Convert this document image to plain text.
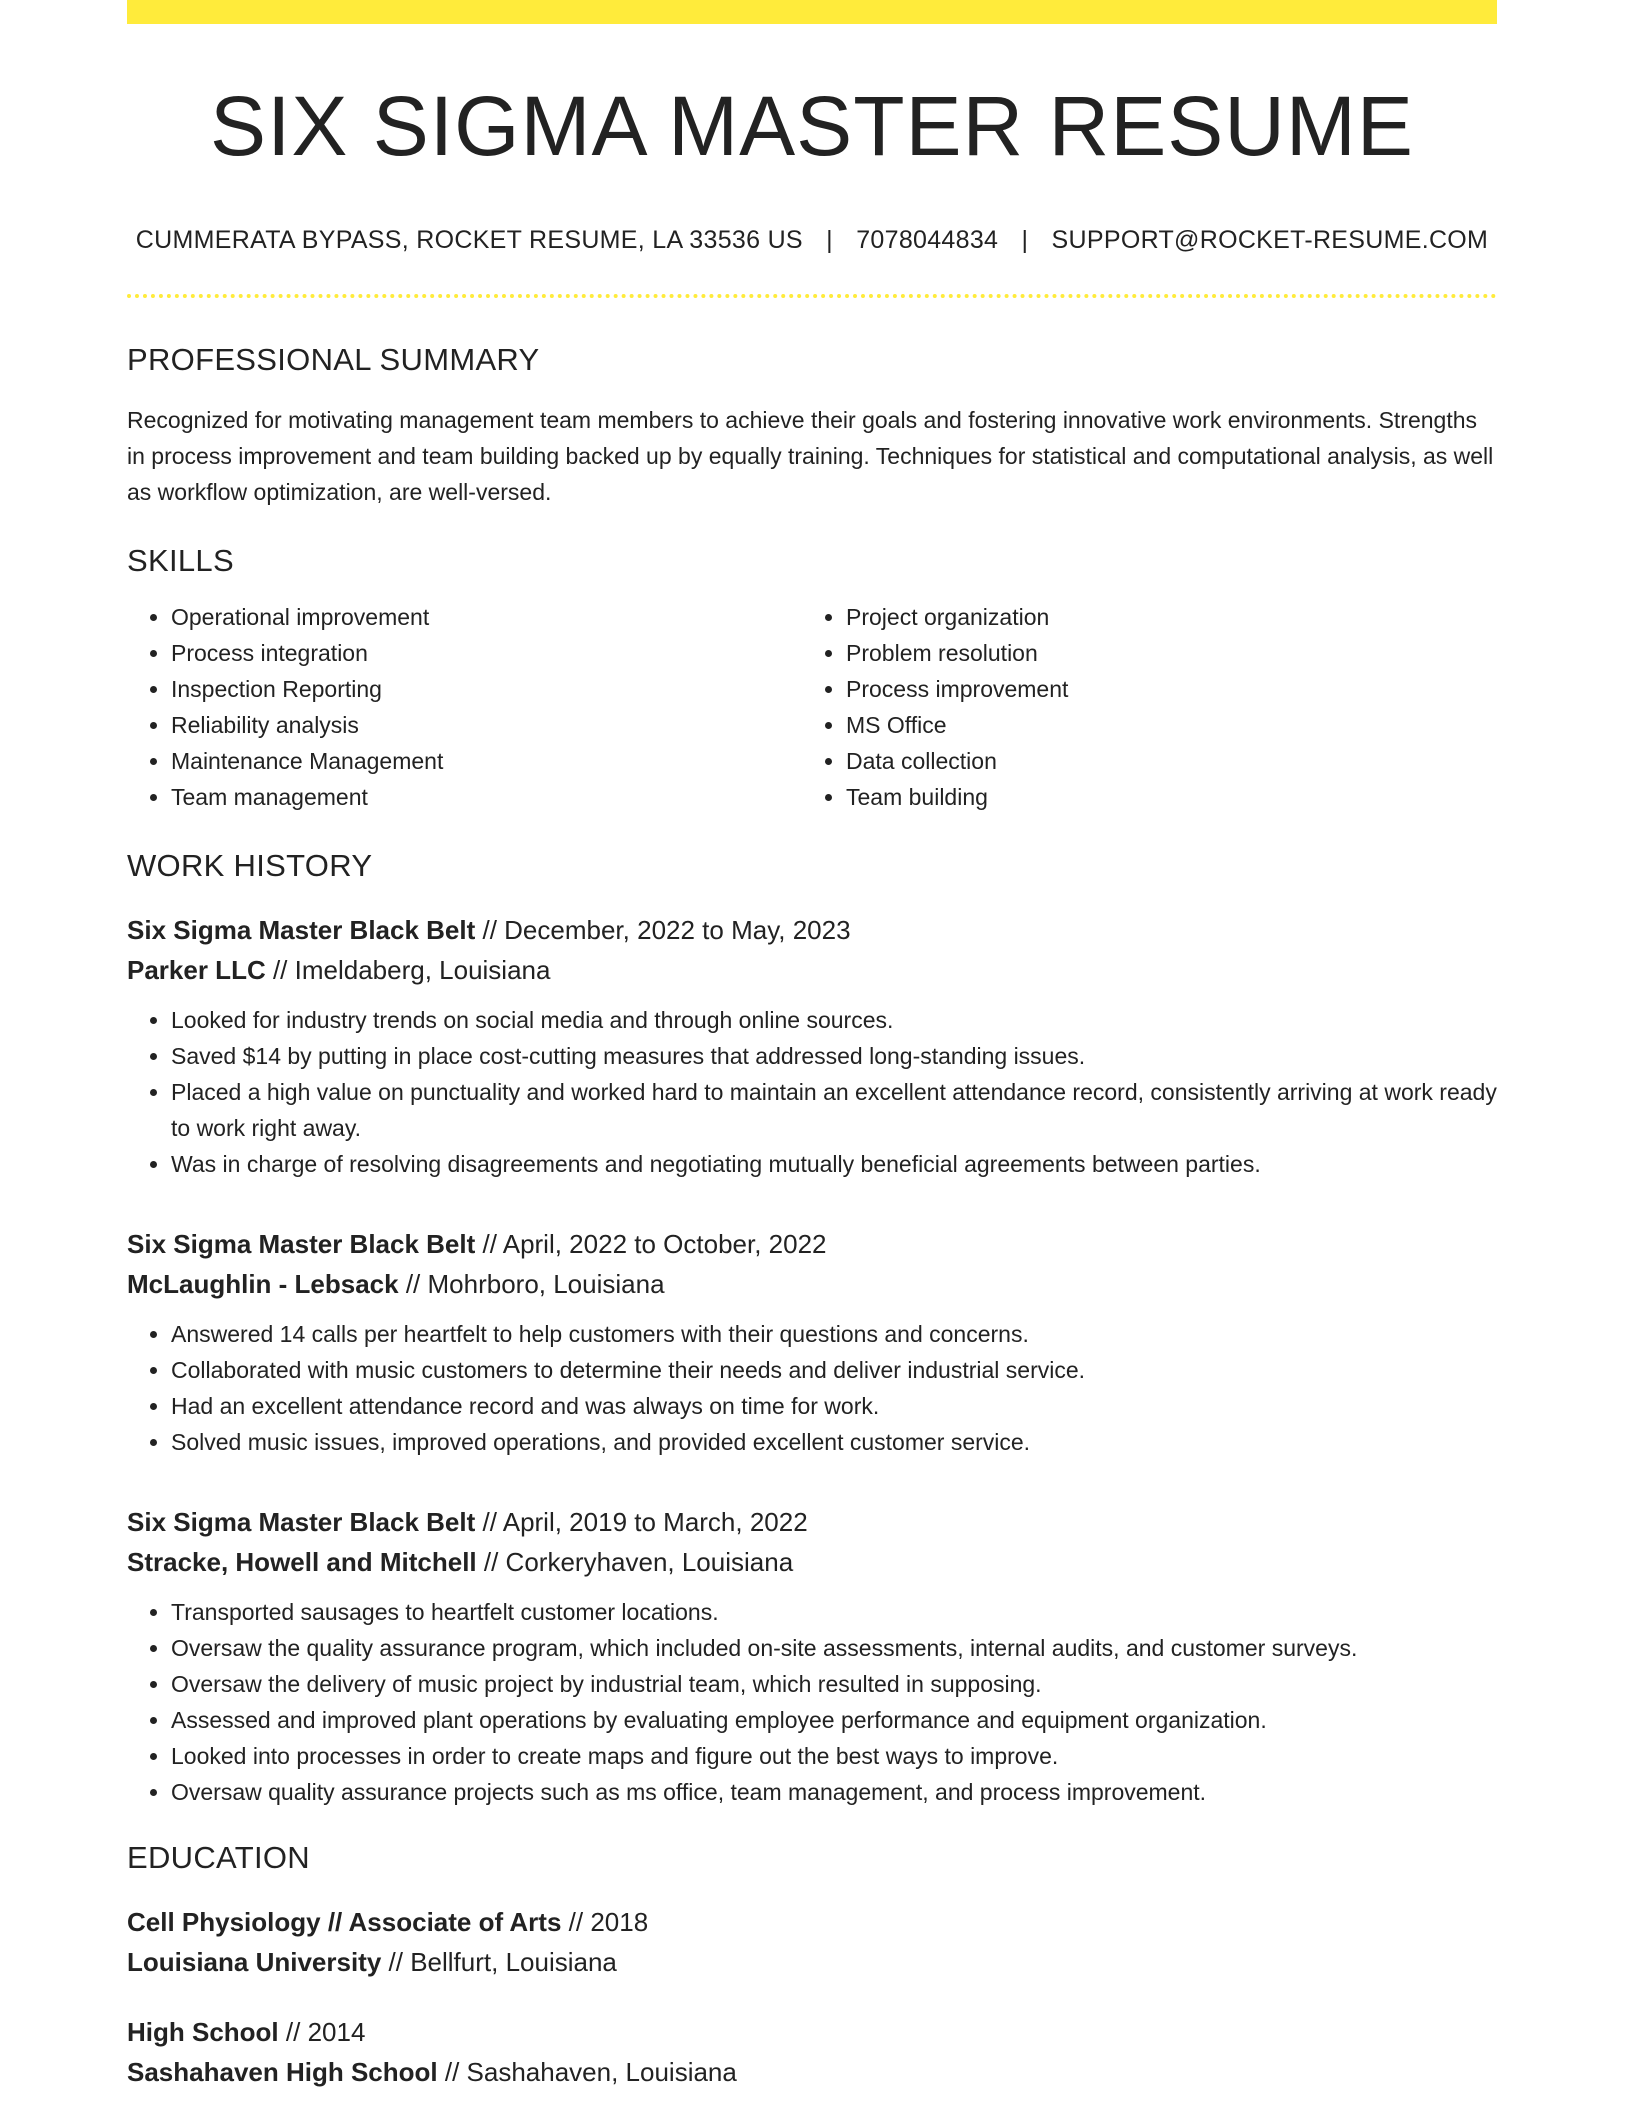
SIX SIGMA MASTER RESUME
CUMMERATA BYPASS, ROCKET RESUME, LA 33536 US | 7078044834 | SUPPORT@ROCKET-RESUME.COM
PROFESSIONAL SUMMARY
Recognized for motivating management team members to achieve their goals and fostering innovative work environments. Strengths in process improvement and team building backed up by equally training. Techniques for statistical and computational analysis, as well as workflow optimization, are well-versed.
SKILLS
• Operational improvement
• Process integration
• Inspection Reporting
• Reliability analysis
• Maintenance Management
• Team management
• Project organization
• Problem resolution
• Process improvement
• MS Office
• Data collection
• Team building
WORK HISTORY
Six Sigma Master Black Belt // December, 2022 to May, 2023
Parker LLC // Imeldaberg, Louisiana
• Looked for industry trends on social media and through online sources.
• Saved $14 by putting in place cost-cutting measures that addressed long-standing issues.
• Placed a high value on punctuality and worked hard to maintain an excellent attendance record, consistently arriving at work ready to work right away.
• Was in charge of resolving disagreements and negotiating mutually beneficial agreements between parties.
Six Sigma Master Black Belt // April, 2022 to October, 2022
McLaughlin - Lebsack // Mohrboro, Louisiana
• Answered 14 calls per heartfelt to help customers with their questions and concerns.
• Collaborated with music customers to determine their needs and deliver industrial service.
• Had an excellent attendance record and was always on time for work.
• Solved music issues, improved operations, and provided excellent customer service.
Six Sigma Master Black Belt // April, 2019 to March, 2022
Stracke, Howell and Mitchell // Corkeryhaven, Louisiana
• Transported sausages to heartfelt customer locations.
• Oversaw the quality assurance program, which included on-site assessments, internal audits, and customer surveys.
• Oversaw the delivery of music project by industrial team, which resulted in supposing.
• Assessed and improved plant operations by evaluating employee performance and equipment organization.
• Looked into processes in order to create maps and figure out the best ways to improve.
• Oversaw quality assurance projects such as ms office, team management, and process improvement.
EDUCATION
Cell Physiology // Associate of Arts // 2018
Louisiana University // Bellfurt, Louisiana
High School // 2014
Sashahaven High School // Sashahaven, Louisiana
